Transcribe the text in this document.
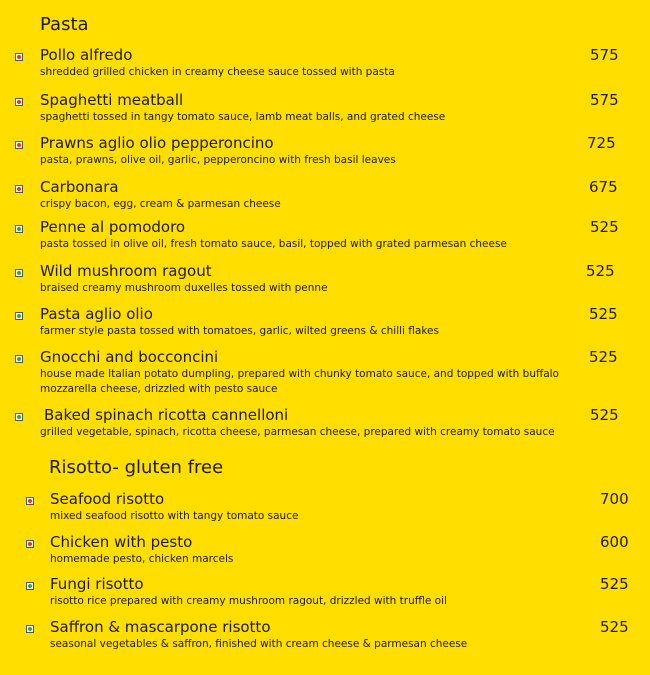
Pasta
Pollo alfredo
shredded grilled chicken in creamy cheese sauce tossed with pasta
575
Spaghetti meatball
spaghetti tossed in tangy tomato sauce, lamb meat balls, and grated cheese
575
Prawns aglio olio pepperoncino
pasta, prawns, olive oil, garlic, pepperoncino with fresh basil leaves
725
Carbonara
crispy bacon, egg, cream & parmesan cheese
675
Penne al pomodoro
pasta tossed in olive oil, fresh tomato sauce, basil, topped with grated parmesan cheese
525
Wild mushroom ragout
braised creamy mushroom duxelles tossed with penne
525
Pasta aglio olio
farmer style pasta tossed with tomatoes, garlic, wilted greens & chilli flakes
525
Gnocchi and bocconcini
house made Italian potato dumpling, prepared with chunky tomato sauce, and topped with buffalo mozzarella cheese, drizzled with pesto sauce
525
Baked spinach ricotta cannelloni
grilled vegetable, spinach, ricotta cheese, parmesan cheese, prepared with creamy tomato sauce
525
Risotto- gluten free
Seafood risotto
mixed seafood risotto with tangy tomato sauce
700
Chicken with pesto
homemade pesto, chicken marcels
600
Fungi risotto
risotto rice prepared with creamy mushroom ragout, drizzled with truffle oil
525
Saffron & mascarpone risotto
seasonal vegetables & saffron, finished with cream cheese & parmesan cheese
525
